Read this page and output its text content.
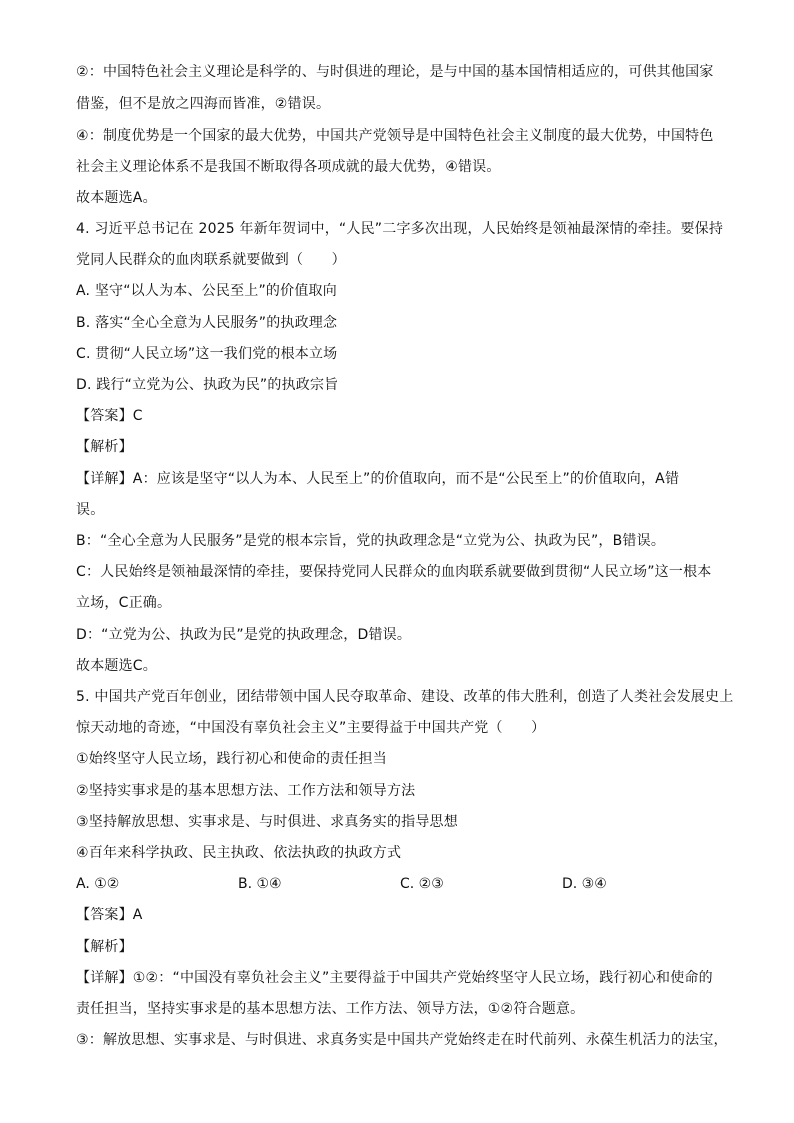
②：中国特色社会主义理论是科学的、与时俱进的理论，是与中国的基本国情相适应的，可供其他国家
借鉴，但不是放之四海而皆准，②错误。
④：制度优势是一个国家的最大优势，中国共产党领导是中国特色社会主义制度的最大优势，中国特色
社会主义理论体系不是我国不断取得各项成就的最大优势，④错误。
故本题选A。
4. 习近平总书记在 2025 年新年贺词中，“人民”二字多次出现，人民始终是领袖最深情的牵挂。要保持
党同人民群众的血肉联系就要做到（　　）
A. 坚守“以人为本、公民至上”的价值取向
B. 落实“全心全意为人民服务”的执政理念
C. 贯彻“人民立场”这一我们党的根本立场
D. 践行“立党为公、执政为民”的执政宗旨
【答案】C
【解析】
【详解】A：应该是坚守“以人为本、人民至上”的价值取向，而不是“公民至上”的价值取向，A错
误。
B：“全心全意为人民服务”是党的根本宗旨，党的执政理念是“立党为公、执政为民”，B错误。
C：人民始终是领袖最深情的牵挂，要保持党同人民群众的血肉联系就要做到贯彻“人民立场”这一根本
立场，C正确。
D：“立党为公、执政为民”是党的执政理念，D错误。
故本题选C。
5. 中国共产党百年创业，团结带领中国人民夺取革命、建设、改革的伟大胜利，创造了人类社会发展史上
惊天动地的奇迹，“中国没有辜负社会主义”主要得益于中国共产党（　　）
①始终坚守人民立场，践行初心和使命的责任担当
②坚持实事求是的基本思想方法、工作方法和领导方法
③坚持解放思想、实事求是、与时俱进、求真务实的指导思想
④百年来科学执政、民主执政、依法执政的执政方式
A. ①②	B. ①④	C. ②③	D. ③④
【答案】A
【解析】
【详解】①②：“中国没有辜负社会主义”主要得益于中国共产党始终坚守人民立场，践行初心和使命的
责任担当，坚持实事求是的基本思想方法、工作方法、领导方法，①②符合题意。
③：解放思想、实事求是、与时俱进、求真务实是中国共产党始终走在时代前列、永葆生机活力的法宝，
